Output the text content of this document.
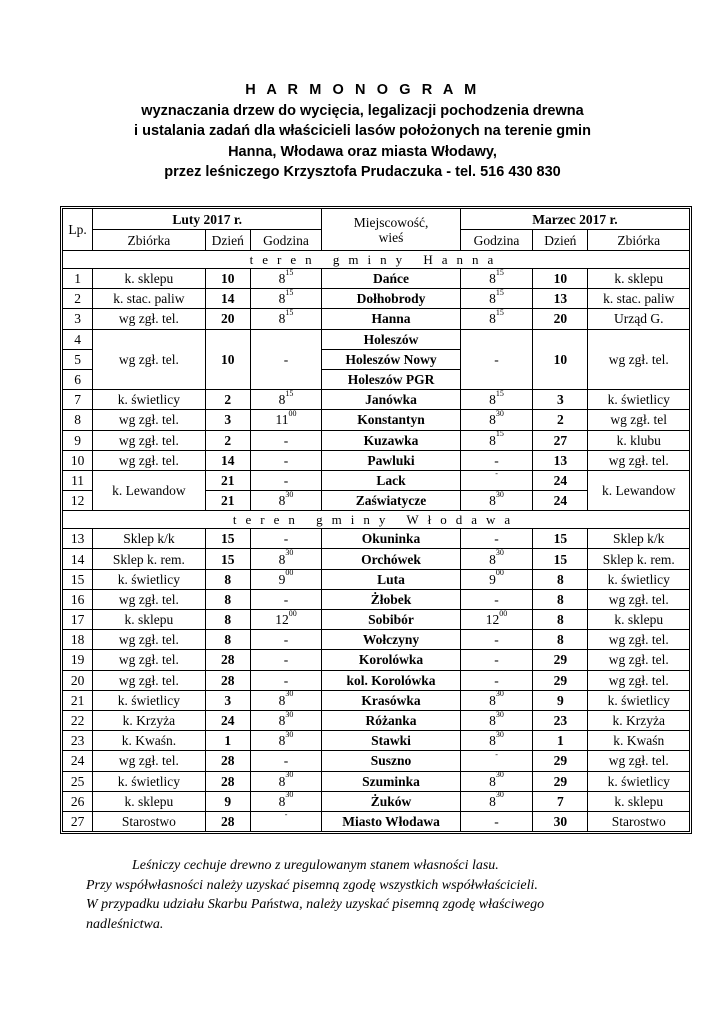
H A R M O N O G R A M
wyznaczania drzew do wycięcia, legalizacji pochodzenia drewna
i ustalania zadań dla właścicieli lasów położonych na terenie gmin
Hanna, Włodawa oraz miasta Włodawy,
przez leśniczego Krzysztofa Prudaczuka - tel. 516 430 830
Lp.	Luty 2017 r.			Miejscowość,
wieś	Marzec 2017 r.		
	Zbiórka	Dzień	Godzina		Godzina	Dzień	Zbiórka
teren gminy Hanna							
1	k. sklepu	10	$8^{15}$	Dańce	$8^{15}$	10	k. sklepu
2	k. stac. paliw	14	$8^{15}$	Dołhobrody	$8^{15}$	13	k. stac. paliw
3	wg zgł. tel.	20	$8^{15}$	Hanna	$8^{15}$	20	Urząd G.
4	wg zgł. tel.	10	-	Holeszów	-	10	wg zgł. tel.
5				Holeszów Nowy			
6				Holeszów PGR			
7	k. świetlicy	2	$8^{15}$	Janówka	$8^{15}$	3	k. świetlicy
8	wg zgł. tel.	3	$11^{00}$	Konstantyn	$8^{30}$	2	wg zgł. tel
9	wg zgł. tel.	2	-	Kuzawka	$8^{15}$	27	k. klubu
10	wg zgł. tel.	14	-	Pawluki	-	13	wg zgł. tel.
11	k. Lewandow	21	-	Lack	-	24	k. Lewandow
12		21	$8^{30}$	Zaświatycze	$8^{30}$	24	
teren gminy Włodawa							
13	Sklep k/k	15	-	Okuninka	-	15	Sklep k/k
14	Sklep k. rem.	15	$8^{30}$	Orchówek	$8^{30}$	15	Sklep k. rem.
15	k. świetlicy	8	$9^{00}$	Luta	$9^{00}$	8	k. świetlicy
16	wg zgł. tel.	8	-	Żłobek	-	8	wg zgł. tel.
17	k. sklepu	8	$12^{00}$	Sobibór	$12^{00}$	8	k. sklepu
18	wg zgł. tel.	8	-	Wołczyny	-	8	wg zgł. tel.
19	wg zgł. tel.	28	-	Korolówka	-	29	wg zgł. tel.
20	wg zgł. tel.	28	-	kol. Korolówka	-	29	wg zgł. tel.
21	k. świetlicy	3	$8^{30}$	Krasówka	$8^{30}$	9	k. świetlicy
22	k. Krzyża	24	$8^{30}$	Różanka	$8^{30}$	23	k. Krzyża
23	k. Kwaśn.	1	$8^{30}$	Stawki	$8^{30}$	1	k. Kwaśn
24	wg zgł. tel.	28	-	Suszno	-	29	wg zgł. tel.
25	k. świetlicy	28	$8^{30}$	Szuminka	$8^{30}$	29	k. świetlicy
26	k. sklepu	9	$8^{30}$	Żuków	$8^{30}$	7	k. sklepu
27	Starostwo	28	-	Miasto Włodawa	-	30	Starostwo
Leśniczy cechuje drewno z uregulowanym stanem własności lasu.
Przy współwłasności należy uzyskać pisemną zgodę wszystkich współwłaścicieli.
W przypadku udziału Skarbu Państwa, należy uzyskać pisemną zgodę właściwego
nadleśnictwa.
